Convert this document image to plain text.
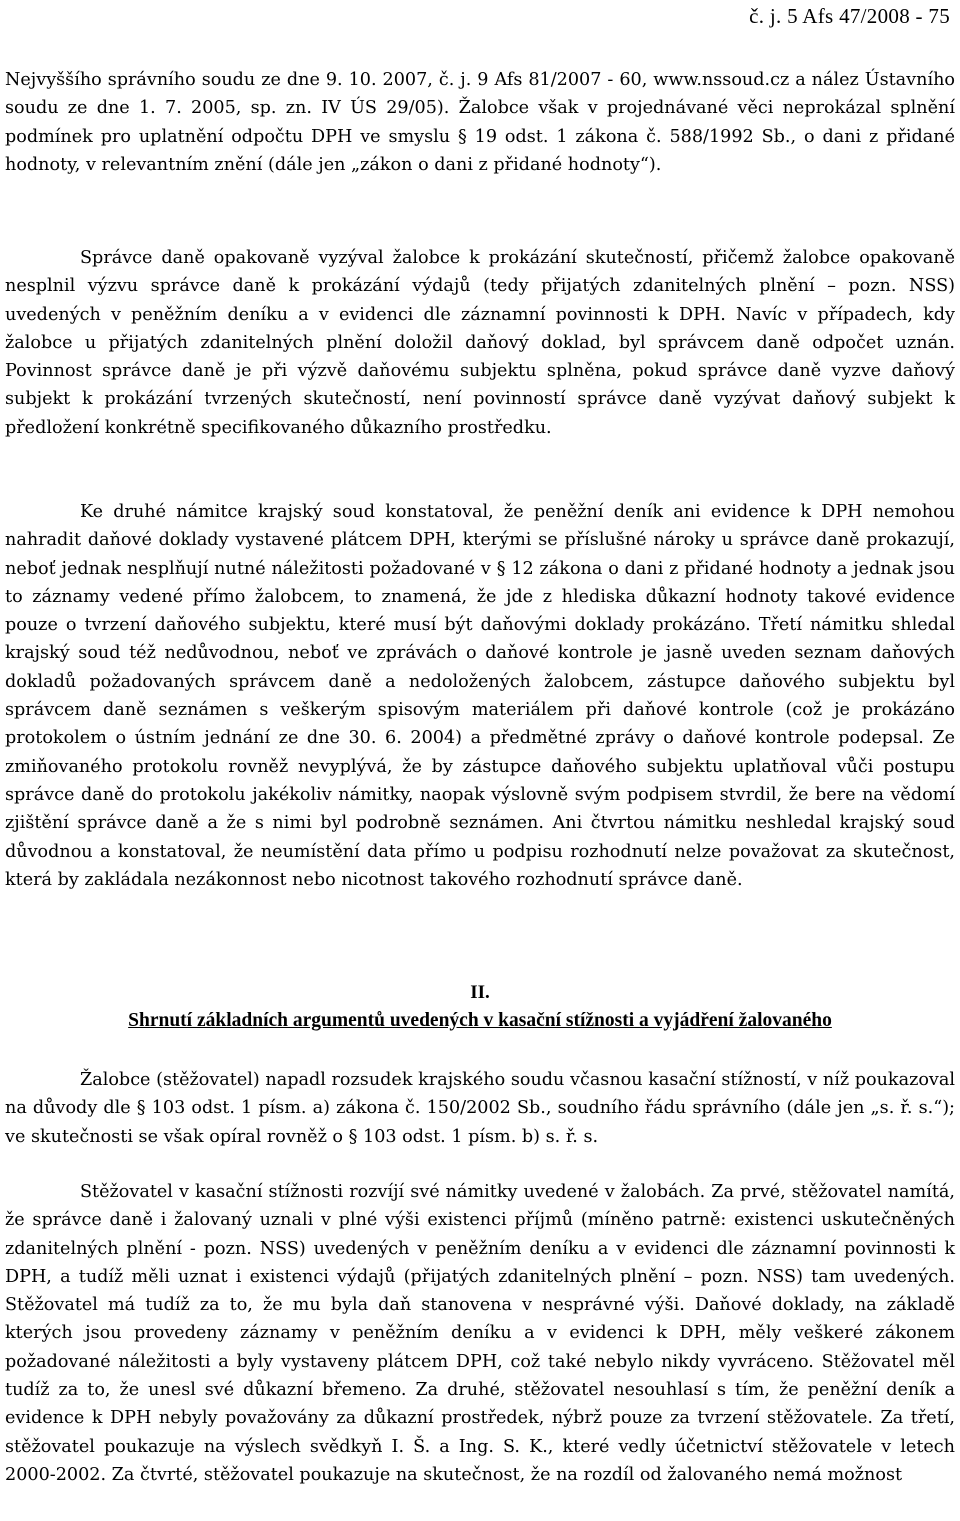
č. j. 5 Afs 47/2008 - 75

Nejvyššího správního soudu ze dne 9. 10. 2007, č. j. 9 Afs 81/2007 - 60, www.nssoud.cz a nález Ústavního soudu ze dne 1. 7. 2005, sp. zn. IV ÚS 29/05). Žalobce však v projednávané věci neprokázal splnění podmínek pro uplatnění odpočtu DPH ve smyslu § 19 odst. 1 zákona č. 588/1992 Sb., o dani z přidané hodnoty, v relevantním znění (dále jen „zákon o dani z přidané hodnoty“).

Správce daně opakovaně vyzýval žalobce k prokázání skutečností, přičemž žalobce opakovaně nesplnil výzvu správce daně k prokázání výdajů (tedy přijatých zdanitelných plnění – pozn. NSS) uvedených v peněžním deníku a v evidenci dle záznamní povinnosti k DPH. Navíc v případech, kdy žalobce u přijatých zdanitelných plnění doložil daňový doklad, byl správcem daně odpočet uznán. Povinnost správce daně je při výzvě daňovému subjektu splněna, pokud správce daně vyzve daňový subjekt k prokázání tvrzených skutečností, není povinností správce daně vyzývat daňový subjekt k předložení konkrétně specifikovaného důkazního prostředku.

Ke druhé námitce krajský soud konstatoval, že peněžní deník ani evidence k DPH nemohou nahradit daňové doklady vystavené plátcem DPH, kterými se příslušné nároky u správce daně prokazují, neboť jednak nesplňují nutné náležitosti požadované v § 12 zákona o dani z přidané hodnoty a jednak jsou to záznamy vedené přímo žalobcem, to znamená, že jde z hlediska důkazní hodnoty takové evidence pouze o tvrzení daňového subjektu, které musí být daňovými doklady prokázáno. Třetí námitku shledal krajský soud též nedůvodnou, neboť ve zprávách o daňové kontrole je jasně uveden seznam daňových dokladů požadovaných správcem daně a nedoložených žalobcem, zástupce daňového subjektu byl správcem daně seznámen s veškerým spisovým materiálem při daňové kontrole (což je prokázáno protokolem o ústním jednání ze dne 30. 6. 2004) a předmětné zprávy o daňové kontrole podepsal. Ze zmiňovaného protokolu rovněž nevyplývá, že by zástupce daňového subjektu uplatňoval vůči postupu správce daně do protokolu jakékoliv námitky, naopak výslovně svým podpisem stvrdil, že bere na vědomí zjištění správce daně a že s nimi byl podrobně seznámen. Ani čtvrtou námitku neshledal krajský soud důvodnou a konstatoval, že neumístění data přímo u podpisu rozhodnutí nelze považovat za skutečnost, která by zakládala nezákonnost nebo nicotnost takového rozhodnutí správce daně.

II.
Shrnutí základních argumentů uvedených v kasační stížnosti a vyjádření žalovaného

Žalobce (stěžovatel) napadl rozsudek krajského soudu včasnou kasační stížností, v níž poukazoval na důvody dle § 103 odst. 1 písm. a) zákona č. 150/2002 Sb., soudního řádu správního (dále jen „s. ř. s.“); ve skutečnosti se však opíral rovněž o § 103 odst. 1 písm. b) s. ř. s.

Stěžovatel v kasační stížnosti rozvíjí své námitky uvedené v žalobách. Za prvé, stěžovatel namítá, že správce daně i žalovaný uznali v plné výši existenci příjmů (míněno patrně: existenci uskutečněných zdanitelných plnění - pozn. NSS) uvedených v peněžním deníku a v evidenci dle záznamní povinnosti k DPH, a tudíž měli uznat i existenci výdajů (přijatých zdanitelných plnění – pozn. NSS) tam uvedených. Stěžovatel má tudíž za to, že mu byla daň stanovena v nesprávné výši. Daňové doklady, na základě kterých jsou provedeny záznamy v peněžním deníku a v evidenci k DPH, měly veškeré zákonem požadované náležitosti a byly vystaveny plátcem DPH, což také nebylo nikdy vyvráceno. Stěžovatel měl tudíž za to, že unesl své důkazní břemeno. Za druhé, stěžovatel nesouhlasí s tím, že peněžní deník a evidence k DPH nebyly považovány za důkazní prostředek, nýbrž pouze za tvrzení stěžovatele. Za třetí, stěžovatel poukazuje na výslech svědkyň I. Š. a Ing. S. K., které vedly účetnictví stěžovatele v letech 2000-2002. Za čtvrté, stěžovatel poukazuje na skutečnost, že na rozdíl od žalovaného nemá možnost
